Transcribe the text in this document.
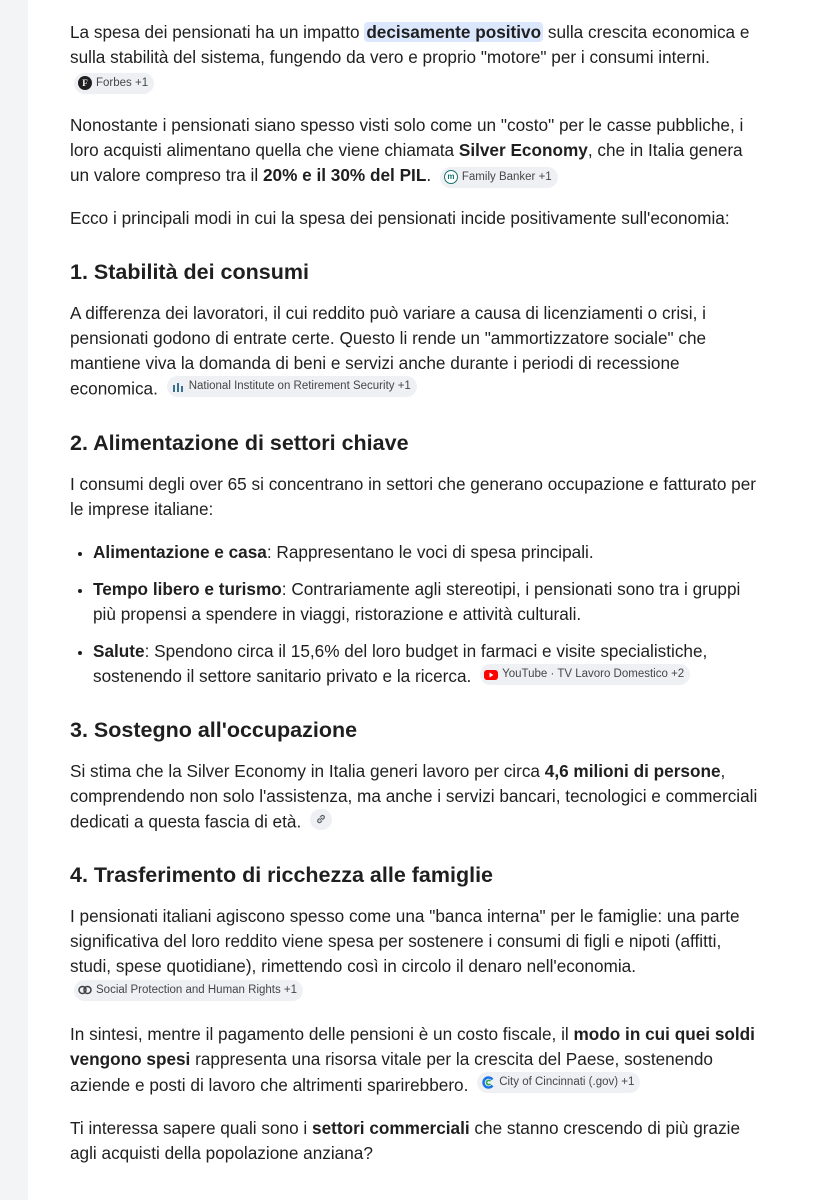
La spesa dei pensionati ha un impatto decisamente positivo sulla crescita economica e sulla stabilità del sistema, fungendo da vero e proprio "motore" per i consumi interni.
F Forbes +1

Nonostante i pensionati siano spesso visti solo come un "costo" per le casse pubbliche, i loro acquisti alimentano quella che viene chiamata Silver Economy, che in Italia genera un valore compreso tra il 20% e il 30% del PIL.	m Family Banker +1

Ecco i principali modi in cui la spesa dei pensionati incide positivamente sull'economia:

1. Stabilità dei consumi

A differenza dei lavoratori, il cui reddito può variare a causa di licenziamenti o crisi, i pensionati godono di entrate certe. Questo li rende un "ammortizzatore sociale" che mantiene viva la domanda di beni e servizi anche durante i periodi di recessione economica.	National Institute on Retirement Security +1

2. Alimentazione di settori chiave

I consumi degli over 65 si concentrano in settori che generano occupazione e fatturato per le imprese italiane:

• Alimentazione e casa: Rappresentano le voci di spesa principali.
• Tempo libero e turismo: Contrariamente agli stereotipi, i pensionati sono tra i gruppi più propensi a spendere in viaggi, ristorazione e attività culturali.
• Salute: Spendono circa il 15,6% del loro budget in farmaci e visite specialistiche, sostenendo il settore sanitario privato e la ricerca.	YouTube · TV Lavoro Domestico +2
3. Sostegno all'occupazione

Si stima che la Silver Economy in Italia generi lavoro per circa 4,6 milioni di persone, comprendendo non solo l'assistenza, ma anche i servizi bancari, tecnologici e commerciali dedicati a questa fascia di età.

4. Trasferimento di ricchezza alle famiglie

I pensionati italiani agiscono spesso come una "banca interna" per le famiglie: una parte significativa del loro reddito viene spesa per sostenere i consumi di figli e nipoti (affitti, studi, spese quotidiane), rimettendo così in circolo il denaro nell'economia.
Social Protection and Human Rights +1

In sintesi, mentre il pagamento delle pensioni è un costo fiscale, il modo in cui quei soldi vengono spesi rappresenta una risorsa vitale per la crescita del Paese, sostenendo aziende e posti di lavoro che altrimenti sparirebbero.	City of Cincinnati (.gov) +1

Ti interessa sapere quali sono i settori commerciali che stanno crescendo di più grazie agli acquisti della popolazione anziana?
